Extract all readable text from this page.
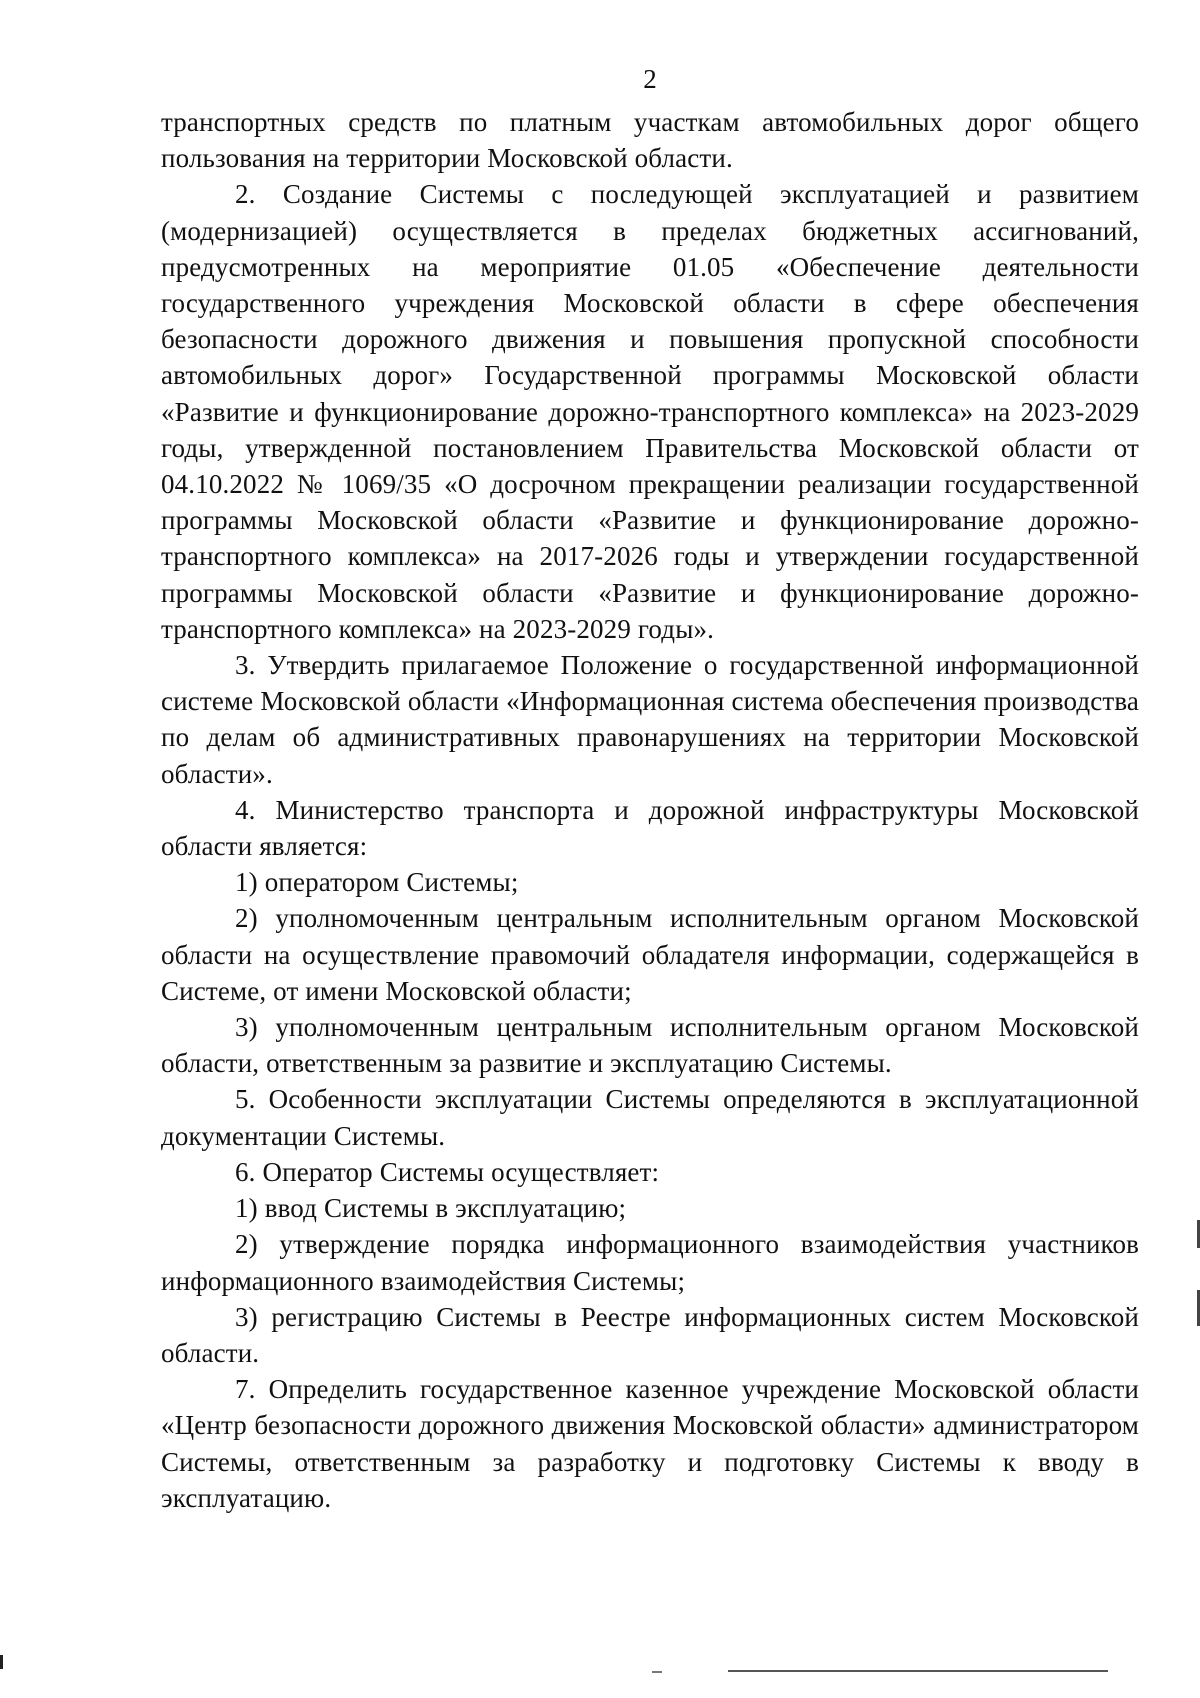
2

транспортных средств по платным участкам автомобильных дорог общего пользования на территории Московской области.

2. Создание Системы с последующей эксплуатацией и развитием (модернизацией) осуществляется в пределах бюджетных ассигнований, предусмотренных на мероприятие 01.05 «Обеспечение деятельности государственного учреждения Московской области в сфере обеспечения безопасности дорожного движения и повышения пропускной способности автомобильных дорог» Государственной программы Московской области «Развитие и функционирование дорожно-транспортного комплекса» на 2023-2029 годы, утвержденной постановлением Правительства Московской области от 04.10.2022 № 1069/35 «О досрочном прекращении реализации государственной программы Московской области «Развитие и функционирование дорожно-транспортного комплекса» на 2017-2026 годы и утверждении государственной программы Московской области «Развитие и функционирование дорожно-транспортного комплекса» на 2023-2029 годы».

3. Утвердить прилагаемое Положение о государственной информационной системе Московской области «Информационная система обеспечения производства по делам об административных правонарушениях на территории Московской области».

4. Министерство транспорта и дорожной инфраструктуры Московской области является:

1) оператором Системы;

2) уполномоченным центральным исполнительным органом Московской области на осуществление правомочий обладателя информации, содержащейся в Системе, от имени Московской области;

3) уполномоченным центральным исполнительным органом Московской области, ответственным за развитие и эксплуатацию Системы.

5. Особенности эксплуатации Системы определяются в эксплуатационной документации Системы.

6. Оператор Системы осуществляет:

1) ввод Системы в эксплуатацию;

2) утверждение порядка информационного взаимодействия участников информационного взаимодействия Системы;

3) регистрацию Системы в Реестре информационных систем Московской области.

7. Определить государственное казенное учреждение Московской области «Центр безопасности дорожного движения Московской области» администратором Системы, ответственным за разработку и подготовку Системы к вводу в эксплуатацию.
